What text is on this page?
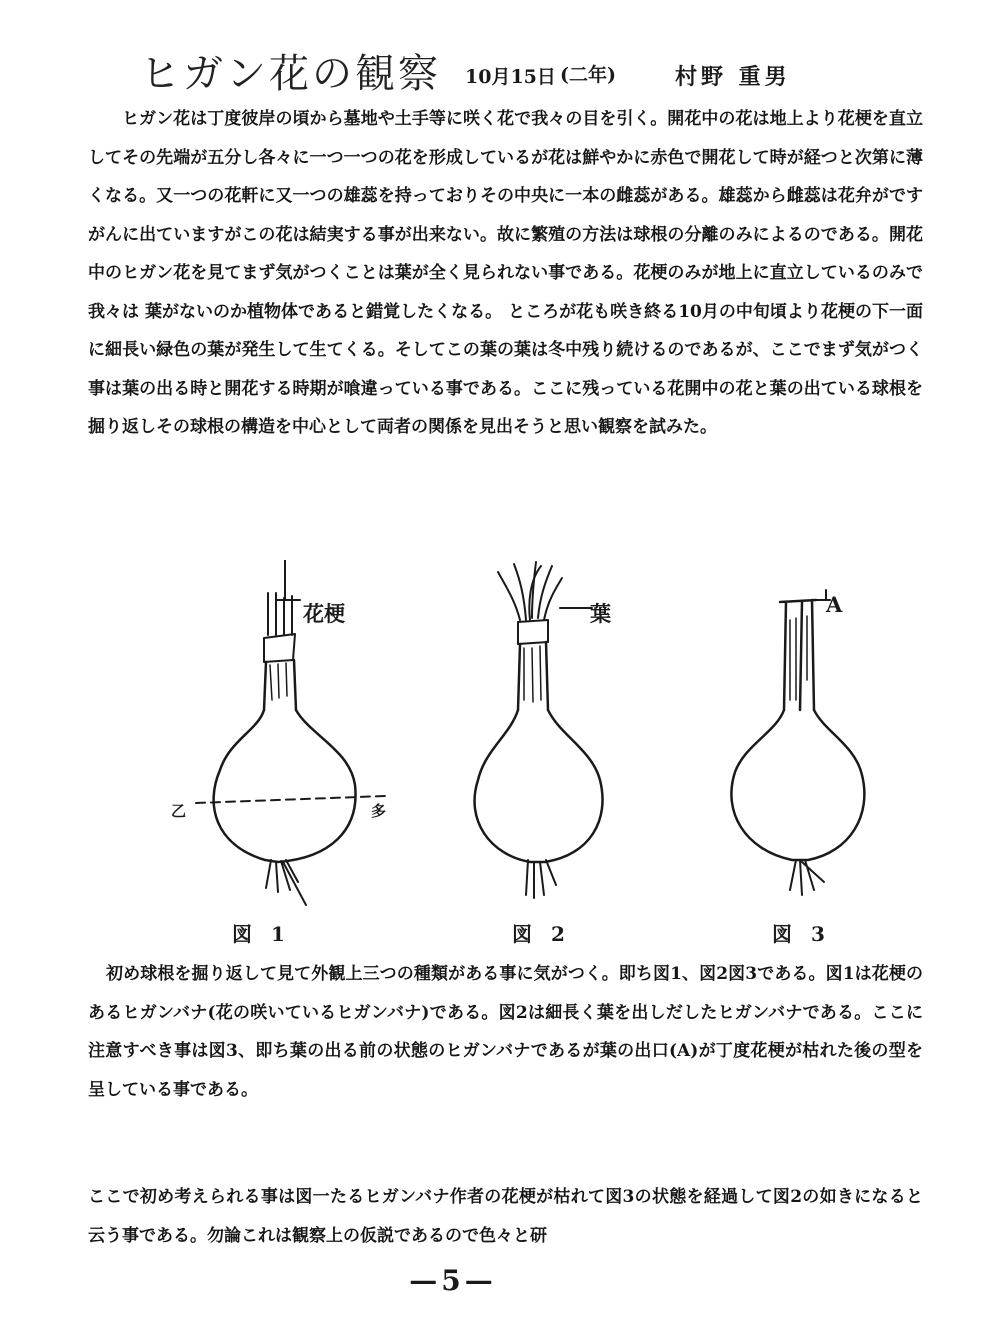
ヒガン花の観察 10月15日 (二年)	村野 重男
ヒガン花は丁度彼岸の頃から墓地や土手等に咲く花で我々の目を引く。開花中の花は地上より花梗を直立してその先端が五分し各々に一つ一つの花を形成しているが花は鮮やかに赤色で開花して時が経つと次第に薄くなる。又一つの花軒に又一つの雄蕊を持っておりその中央に一本の雌蕊がある。雄蕊から雌蕊は花弁がですがんに出ていますがこの花は結実する事が出来ない。故に繁殖の方法は球根の分離のみによるのである。開花中のヒガン花を見てまず気がつくことは葉が全く見られない事である。花梗のみが地上に直立しているのみで我々は 葉がないのか植物体であると錯覚したくなる。 ところが花も咲き終る10月の中旬頃より花梗の下一面に細長い緑色の葉が発生して生てくる。そしてこの葉の葉は冬中残り続けるのであるが、ここでまず気がつく事は葉の出る時と開花する時期が喰違っている事である。ここに残っている花開中の花と葉の出ている球根を掘り返しその球根の構造を中心として両者の関係を見出そうと思い観察を試みた。
花梗	葉	A
乙	多
図 1	図 2	図 3
初め球根を掘り返して見て外観上三つの種類がある事に気がつく。即ち図1、図2図3である。図1は花梗のあるヒガンバナ(花の咲いているヒガンバナ)である。図2は細長く葉を出しだしたヒガンバナである。ここに注意すべき事は図3、即ち葉の出る前の状態のヒガンバナであるが葉の出口(A)が丁度花梗が枯れた後の型を呈している事である。
ここで初め考えられる事は図一たるヒガンバナ作者の花梗が枯れて図3の状態を経過して図2の如きになると云う事である。勿論これは観察上の仮説であるので色々と研
—5—
